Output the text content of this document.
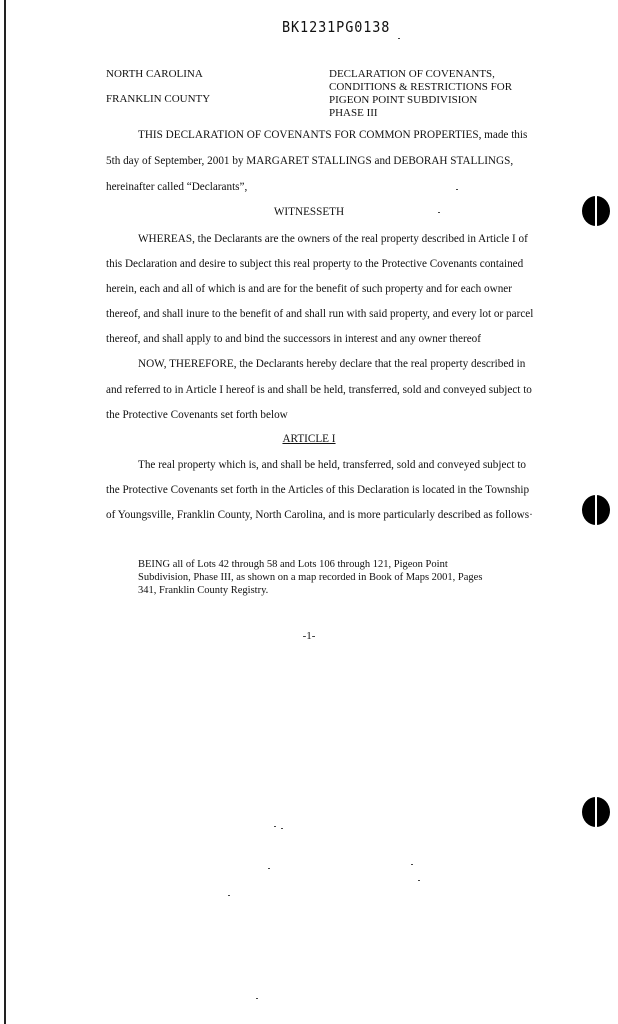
BK1231PG0138
NORTH CAROLINA
FRANKLIN COUNTY
DECLARATION OF COVENANTS,
CONDITIONS & RESTRICTIONS FOR
PIGEON POINT SUBDIVISION
PHASE III
THIS DECLARATION OF COVENANTS FOR COMMON PROPERTIES, made this
5th day of September, 2001 by MARGARET STALLINGS and DEBORAH STALLINGS,
hereinafter called “Declarants”,
WITNESSETH
WHEREAS, the Declarants are the owners of the real property described in Article I of
this Declaration and desire to subject this real property to the Protective Covenants contained
herein, each and all of which is and are for the benefit of such property and for each owner
thereof, and shall inure to the benefit of and shall run with said property, and every lot or parcel
thereof, and shall apply to and bind the successors in interest and any owner thereof
NOW, THEREFORE, the Declarants hereby declare that the real property described in
and referred to in Article I hereof is and shall be held, transferred, sold and conveyed subject to
the Protective Covenants set forth below
ARTICLE I
The real property which is, and shall be held, transferred, sold and conveyed subject to
the Protective Covenants set forth in the Articles of this Declaration is located in the Township
of Youngsville, Franklin County, North Carolina, and is more particularly described as follows·
BEING all of Lots 42 through 58 and Lots 106 through 121, Pigeon Point
Subdivision, Phase III, as shown on a map recorded in Book of Maps 2001, Pages
341, Franklin County Registry.
-1-
